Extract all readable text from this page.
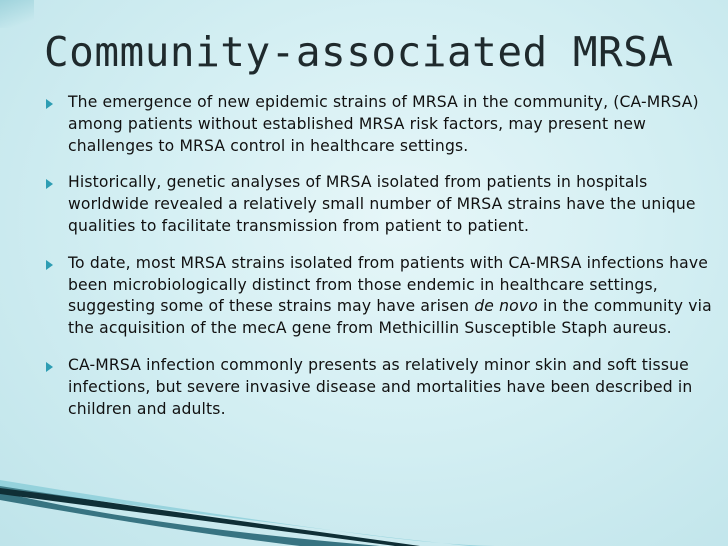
Community-associated MRSA
The emergence of new epidemic strains of MRSA in the community, (CA-MRSA) among patients without established MRSA risk factors, may present new challenges to MRSA control in healthcare settings.
Historically, genetic analyses of MRSA isolated from patients in hospitals worldwide revealed a relatively small number of MRSA strains have the unique qualities to facilitate transmission from patient to patient.
To date, most MRSA strains isolated from patients with CA-MRSA infections have been microbiologically distinct from those endemic in healthcare settings, suggesting some of these strains may have arisen de novo in the community via the acquisition of the mecA gene from Methicillin Susceptible Staph aureus.
CA-MRSA infection commonly presents as relatively minor skin and soft tissue infections, but severe invasive disease and mortalities have been described in children and adults.
